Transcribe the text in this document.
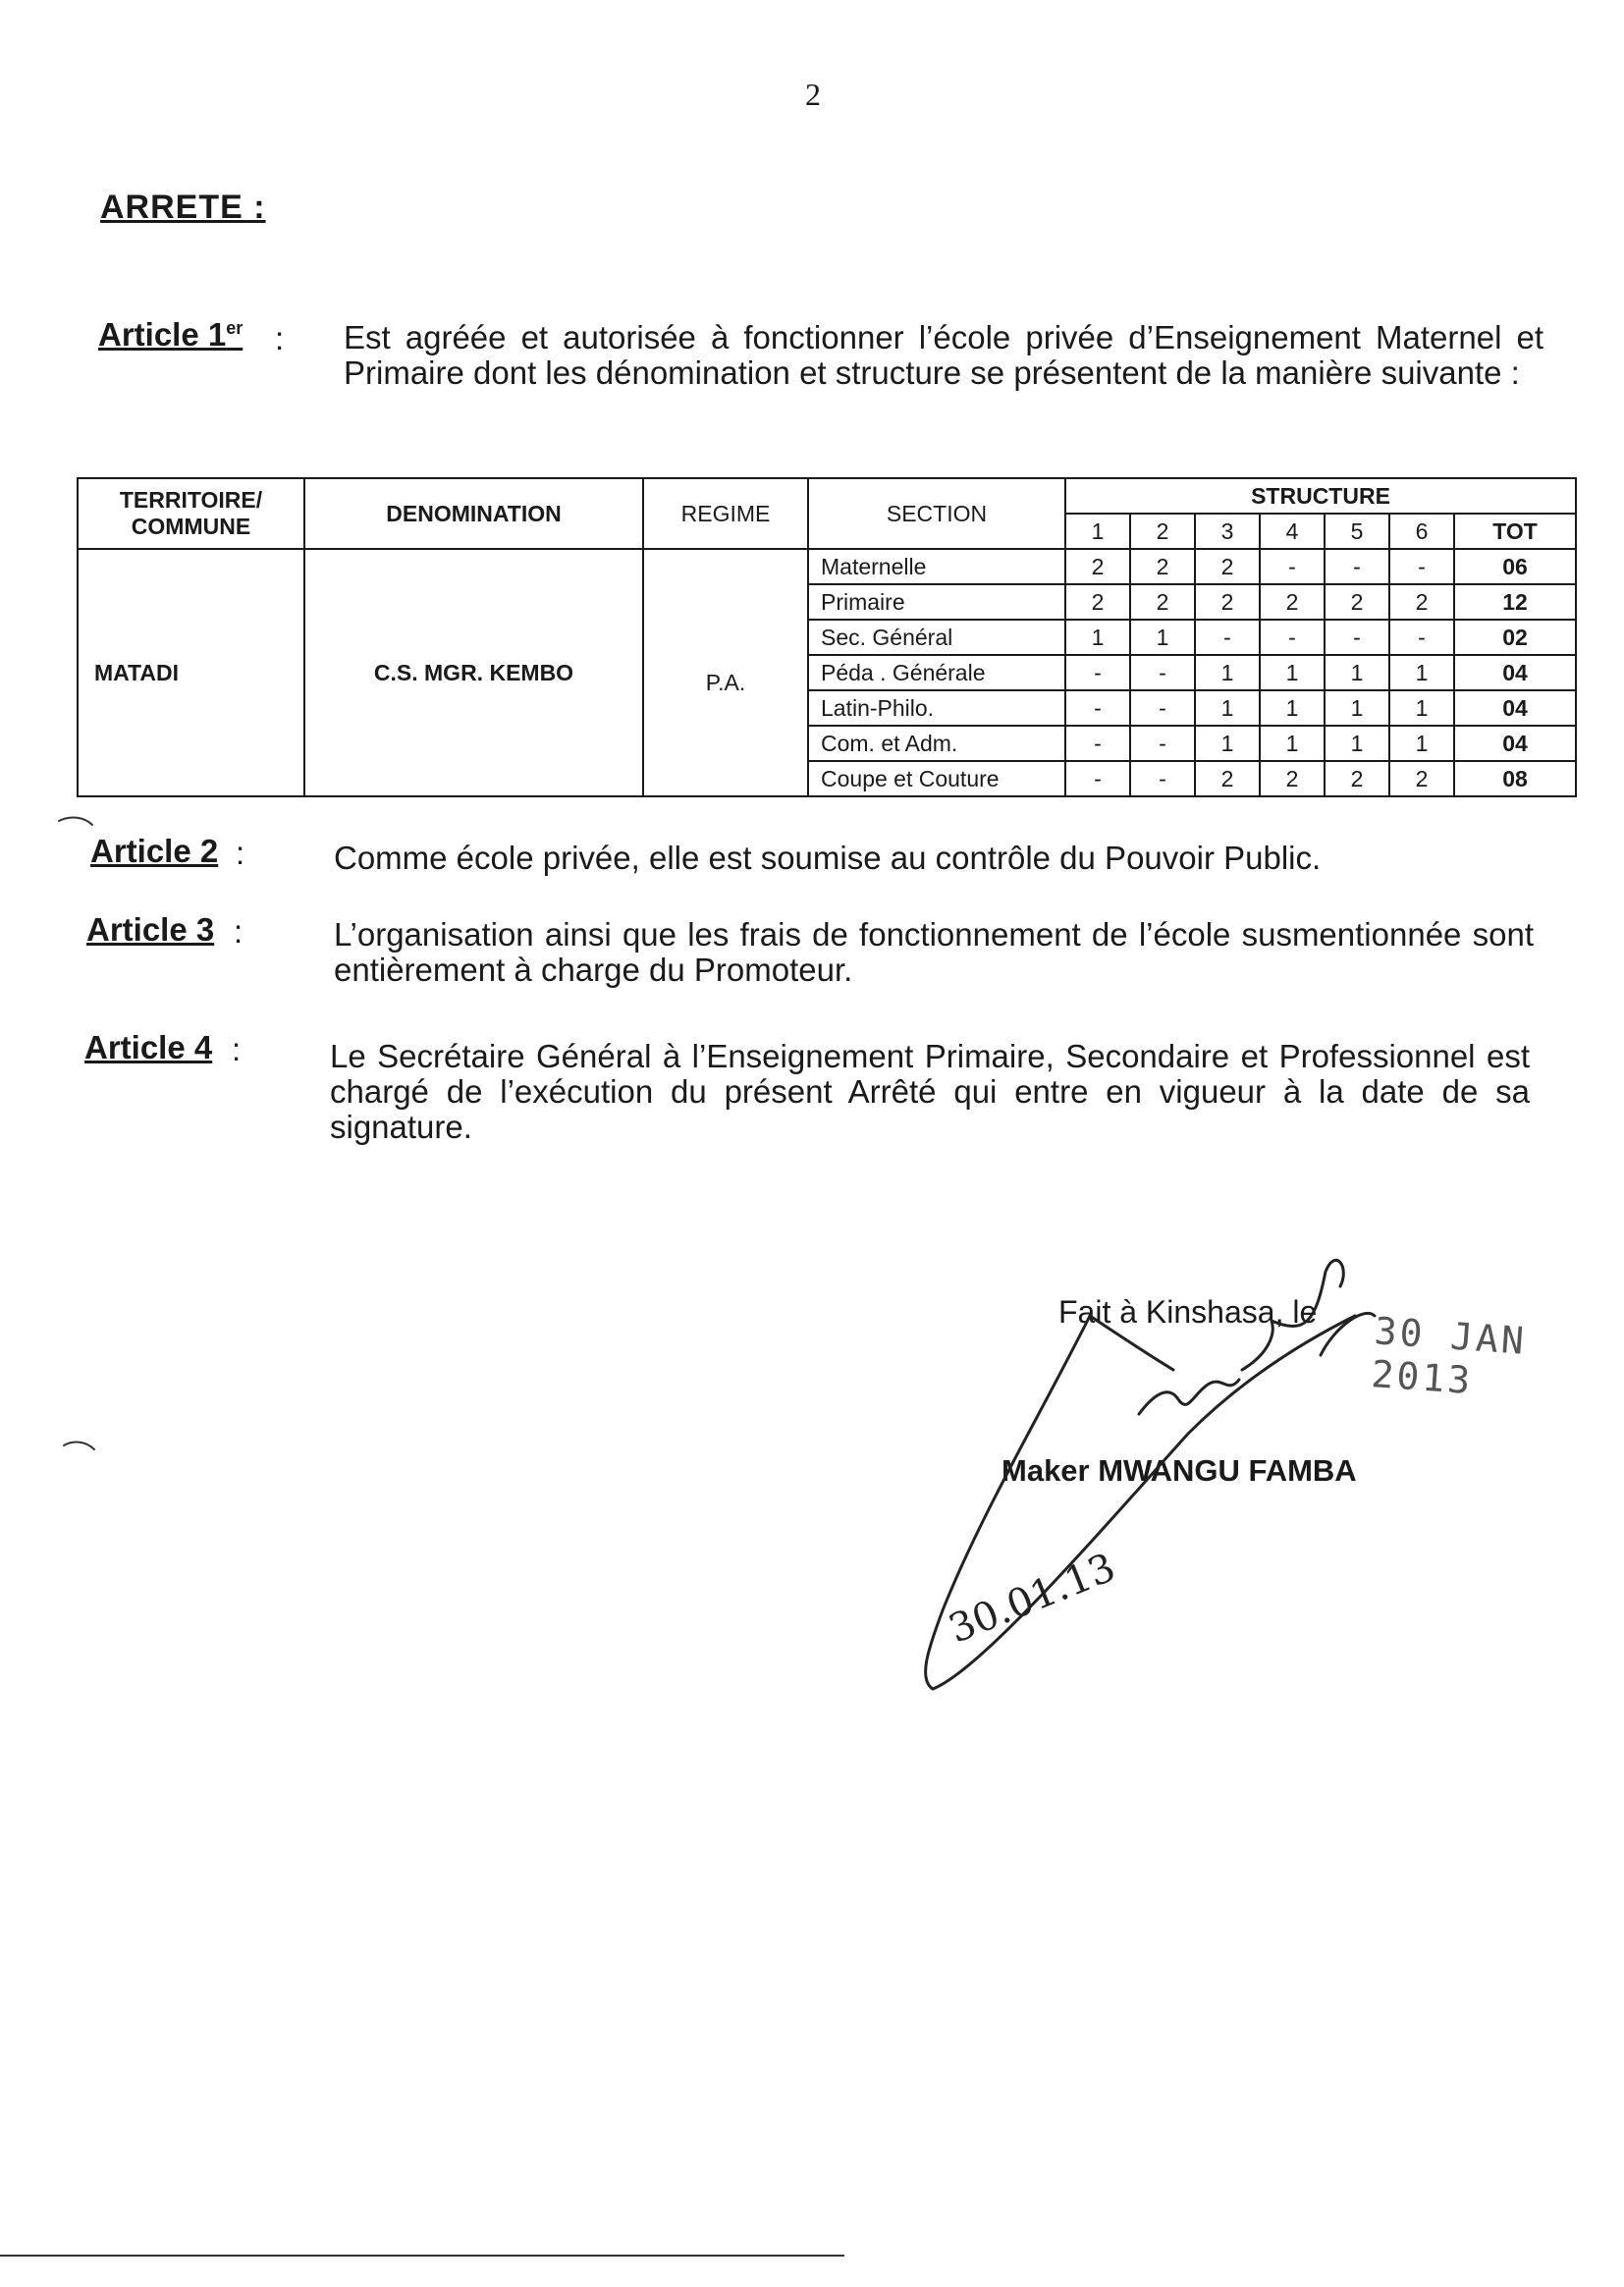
2
ARRETE :
Article 1er : Est agréée et autorisée à fonctionner l’école privée d’Enseignement Maternel et Primaire dont les dénomination et structure se présentent de la manière suivante :
TERRITOIRE/ COMMUNE	DENOMINATION	REGIME	SECTION	STRUCTURE						
				1	2	3	4	5	6	TOT
MATADI	C.S. MGR. KEMBO	P.A.	Maternelle	2	2	2	-	-	-	06
			Primaire	2	2	2	2	2	2	12
			Sec. Général	1	1	-	-	-	-	02
			Péda . Générale	-	-	1	1	1	1	04
			Latin-Philo.	-	-	1	1	1	1	04
			Com. et Adm.	-	-	1	1	1	1	04
			Coupe et Couture	-	-	2	2	2	2	08
Article 2 :	Comme école privée, elle est soumise au contrôle du Pouvoir Public.
Article 3 :	L’organisation ainsi que les frais de fonctionnement de l’école susmentionnée sont entièrement à charge du Promoteur.
Article 4 :	Le Secrétaire Général à l’Enseignement Primaire, Secondaire et Professionnel est chargé de l’exécution du présent Arrêté qui entre en vigueur à la date de sa signature.
Fait à Kinshasa, le 30 JAN 2013
Maker MWANGU FAMBA
30.01.13
